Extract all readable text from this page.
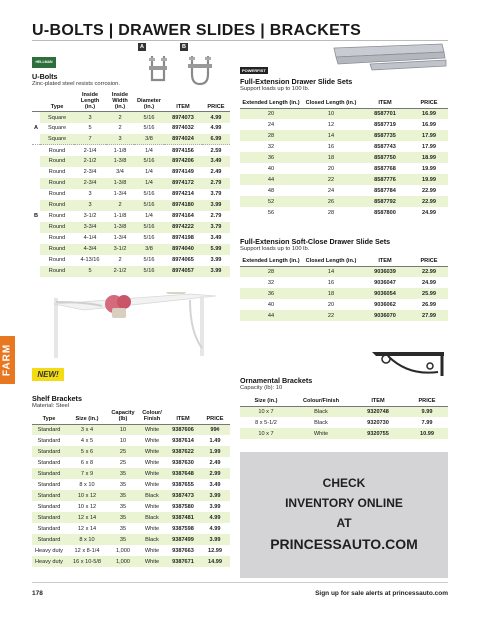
U-BOLTS | DRAWER SLIDES | BRACKETS
A	B
HELLMAN
U-Bolts
Zinc-plated steel resists corrosion.
	Type	Inside Length (in.)	Inside Width (in.)	Diameter (in.)	ITEM	PRICE
	Square	3	2	5/16	8974073	4.99
A	Square	5	2	5/16	8974032	4.99
	Square	7	3	3/8	8974024	6.99
	Round	2-1/4	1-1/8	1/4	8974156	2.59
	Round	2-1/2	1-3/8	5/16	8974206	3.49
	Round	2-3/4	3/4	1/4	8974149	2.49
	Round	2-3/4	1-3/8	1/4	8974172	2.79
	Round	3	1-3/4	5/16	8974214	3.79
	Round	3	2	5/16	8974180	3.99
B	Round	3-1/2	1-1/8	1/4	8974164	2.79
	Round	3-3/4	1-3/8	5/16	8974222	3.79
	Round	4-1/4	1-3/4	5/16	8974198	3.49
	Round	4-3/4	3-1/2	3/8	8974040	5.99
	Round	4-13/16	2	5/16	8974065	3.99
	Round	5	2-1/2	5/16	8974057	3.99
POWERFIST
Full-Extension Drawer Slide Sets
Support loads up to 100 lb.
Extended Length (in.)	Closed Length (in.)	ITEM	PRICE
20	10	8587701	16.99
24	12	8587719	16.99
28	14	8587735	17.99
32	16	8587743	17.99
36	18	8587750	18.99
40	20	8587768	19.99
44	22	8587776	19.99
48	24	8587784	22.99
52	26	8587792	22.99
56	28	8587800	24.99
Full-Extension Soft-Close Drawer Slide Sets
Support loads up to 100 lb.
Extended Length (in.)	Closed Length (in.)	ITEM	PRICE
28	14	9036039	22.99
32	16	9036047	24.99
36	18	9036054	25.99
40	20	9036062	26.99
44	22	9036070	27.99
FARM	NEW!
Shelf Brackets
Material: Steel
Type	Size (in.)	Capacity (lb)	Colour/ Finish	ITEM	PRICE
Standard	3 x 4	10	White	9387606	99¢
Standard	4 x 5	10	White	9387614	1.49
Standard	5 x 6	25	White	9387622	1.99
Standard	6 x 8	25	White	9387630	2.49
Standard	7 x 9	35	White	9387648	2.99
Standard	8 x 10	35	White	9387655	3.49
Standard	10 x 12	35	Black	9387473	3.99
Standard	10 x 12	35	White	9387580	3.99
Standard	12 x 14	35	Black	9387481	4.99
Standard	12 x 14	35	White	9387598	4.99
Standard	8 x 10	35	Black	9387499	3.99
Heavy duty	12 x 8-1/4	1,000	White	9387663	12.99
Heavy duty	16 x 10-5/8	1,000	White	9387671	14.99
Ornamental Brackets
Capacity (lb): 10
Size (in.)	Colour/Finish	ITEM	PRICE
10 x 7	Black	9320748	9.99
8 x 5-1/2	Black	9320730	7.99
10 x 7	White	9320755	10.99
CHECK
INVENTORY ONLINE
AT
PRINCESSAUTO.COM
178	Sign up for sale alerts at princessauto.com
